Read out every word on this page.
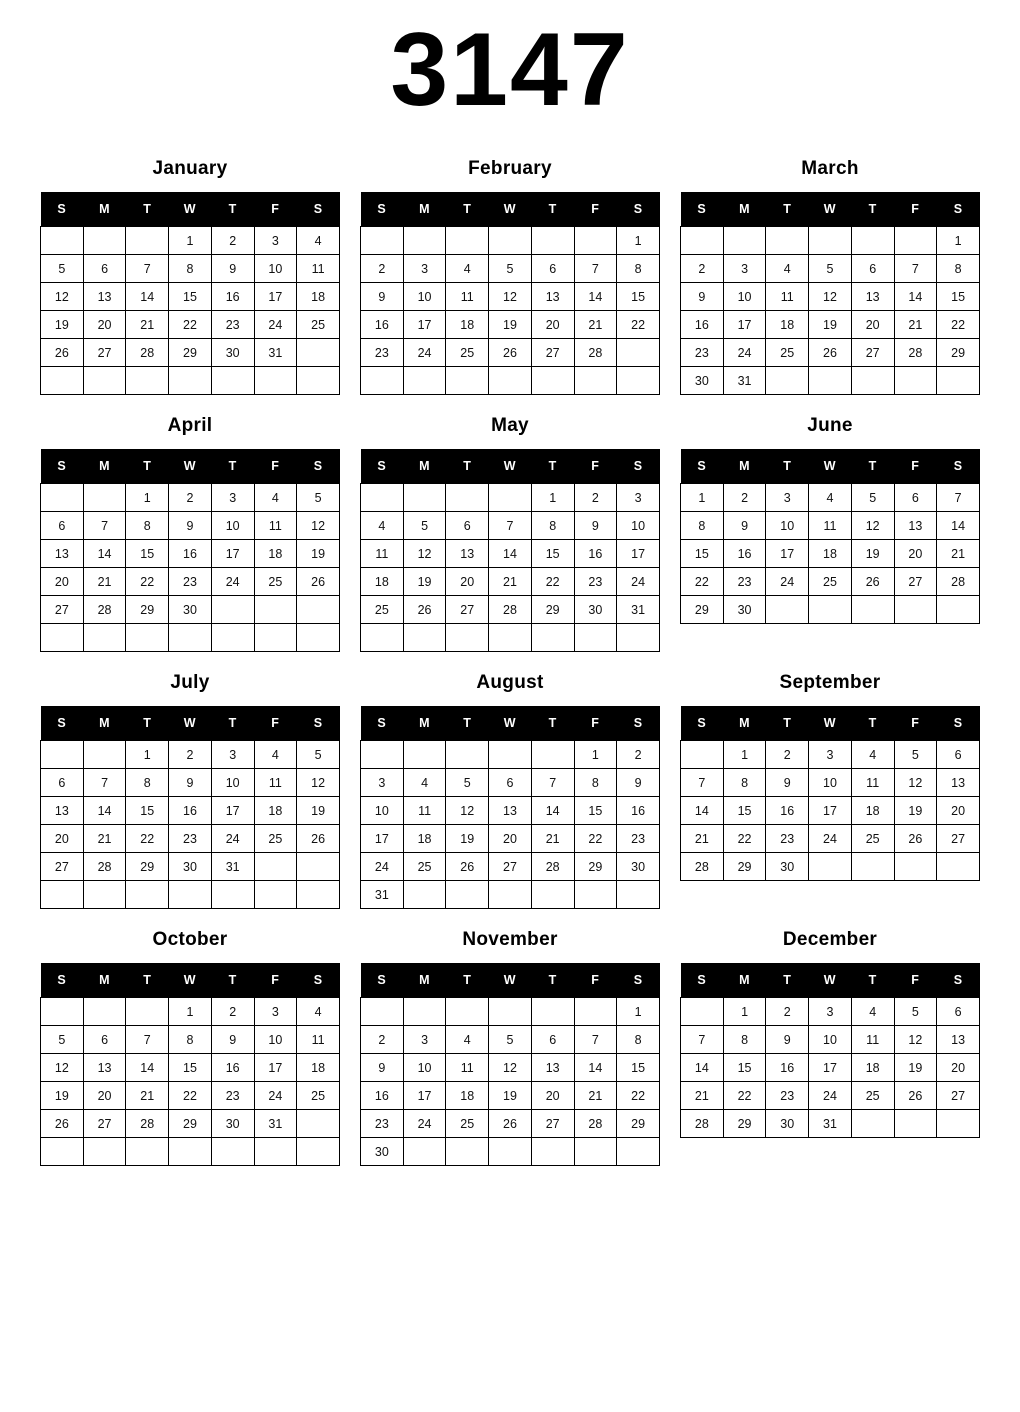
3147
January
S	M	T	W	T	F	S
			1	2	3	4
5	6	7	8	9	10	11
12	13	14	15	16	17	18
19	20	21	22	23	24	25
26	27	28	29	30	31	

February
S	M	T	W	T	F	S
						1
2	3	4	5	6	7	8
9	10	11	12	13	14	15
16	17	18	19	20	21	22
23	24	25	26	27	28	

March
S	M	T	W	T	F	S
						1
2	3	4	5	6	7	8
9	10	11	12	13	14	15
16	17	18	19	20	21	22
23	24	25	26	27	28	29
30	31					
April
S	M	T	W	T	F	S
		1	2	3	4	5
6	7	8	9	10	11	12
13	14	15	16	17	18	19
20	21	22	23	24	25	26
27	28	29	30			

May
S	M	T	W	T	F	S
				1	2	3
4	5	6	7	8	9	10
11	12	13	14	15	16	17
18	19	20	21	22	23	24
25	26	27	28	29	30	31

June
S	M	T	W	T	F	S
1	2	3	4	5	6	7
8	9	10	11	12	13	14
15	16	17	18	19	20	21
22	23	24	25	26	27	28
29	30					
July
S	M	T	W	T	F	S
		1	2	3	4	5
6	7	8	9	10	11	12
13	14	15	16	17	18	19
20	21	22	23	24	25	26
27	28	29	30	31		

August
S	M	T	W	T	F	S
					1	2
3	4	5	6	7	8	9
10	11	12	13	14	15	16
17	18	19	20	21	22	23
24	25	26	27	28	29	30
31						
September
S	M	T	W	T	F	S
	1	2	3	4	5	6
7	8	9	10	11	12	13
14	15	16	17	18	19	20
21	22	23	24	25	26	27
28	29	30				
October
S	M	T	W	T	F	S
			1	2	3	4
5	6	7	8	9	10	11
12	13	14	15	16	17	18
19	20	21	22	23	24	25
26	27	28	29	30	31	

November
S	M	T	W	T	F	S
						1
2	3	4	5	6	7	8
9	10	11	12	13	14	15
16	17	18	19	20	21	22
23	24	25	26	27	28	29
30						
December
S	M	T	W	T	F	S
	1	2	3	4	5	6
7	8	9	10	11	12	13
14	15	16	17	18	19	20
21	22	23	24	25	26	27
28	29	30	31			
